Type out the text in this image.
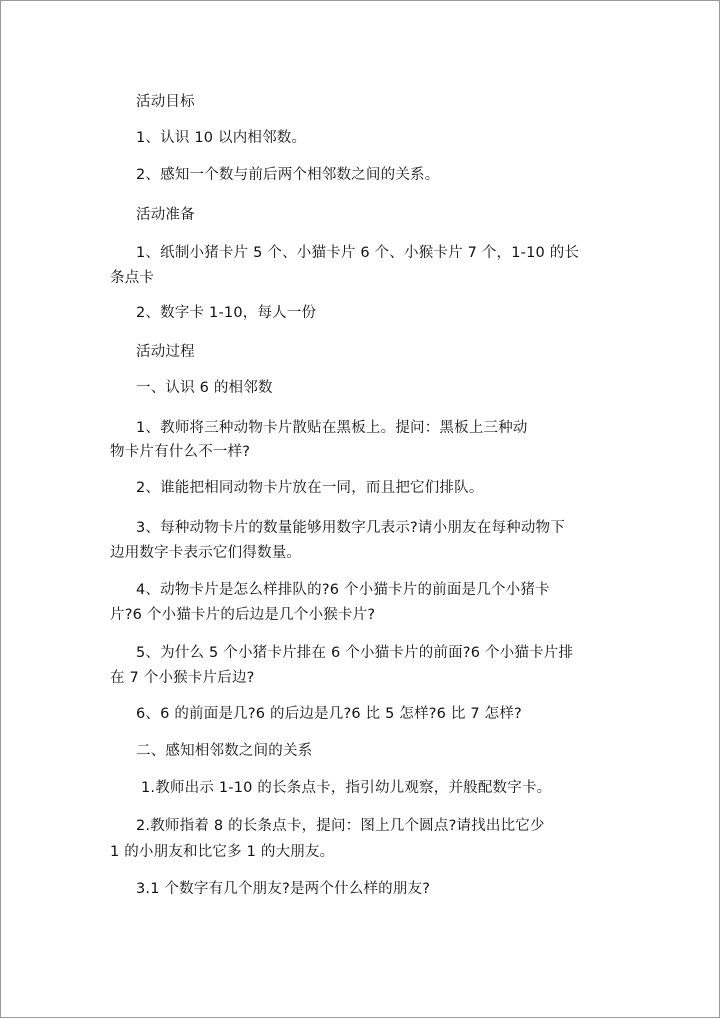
活动目标
1、认识 10 以内相邻数。
2、感知一个数与前后两个相邻数之间的关系。
活动准备
1、纸制小猪卡片 5 个、小猫卡片 6 个、小猴卡片 7 个，1-10 的长
条点卡
2、数字卡 1-10，每人一份
活动过程
一、认识 6 的相邻数
1、教师将三种动物卡片散贴在黑板上。提问：黑板上三种动
物卡片有什么不一样?
2、谁能把相同动物卡片放在一同，而且把它们排队。
3、每种动物卡片的数量能够用数字几表示?请小朋友在每种动物下
边用数字卡表示它们得数量。
4、动物卡片是怎么样排队的?6 个小猫卡片的前面是几个小猪卡
片?6 个小猫卡片的后边是几个小猴卡片?
5、为什么 5 个小猪卡片排在 6 个小猫卡片的前面?6 个小猫卡片排
在 7 个小猴卡片后边?
6、6 的前面是几?6 的后边是几?6 比 5 怎样?6 比 7 怎样?
二、感知相邻数之间的关系
1.教师出示 1-10 的长条点卡，指引幼儿观察，并般配数字卡。
2.教师指着 8 的长条点卡，提问：图上几个圆点?请找出比它少
1 的小朋友和比它多 1 的大朋友。
3.1 个数字有几个朋友?是两个什么样的朋友?
